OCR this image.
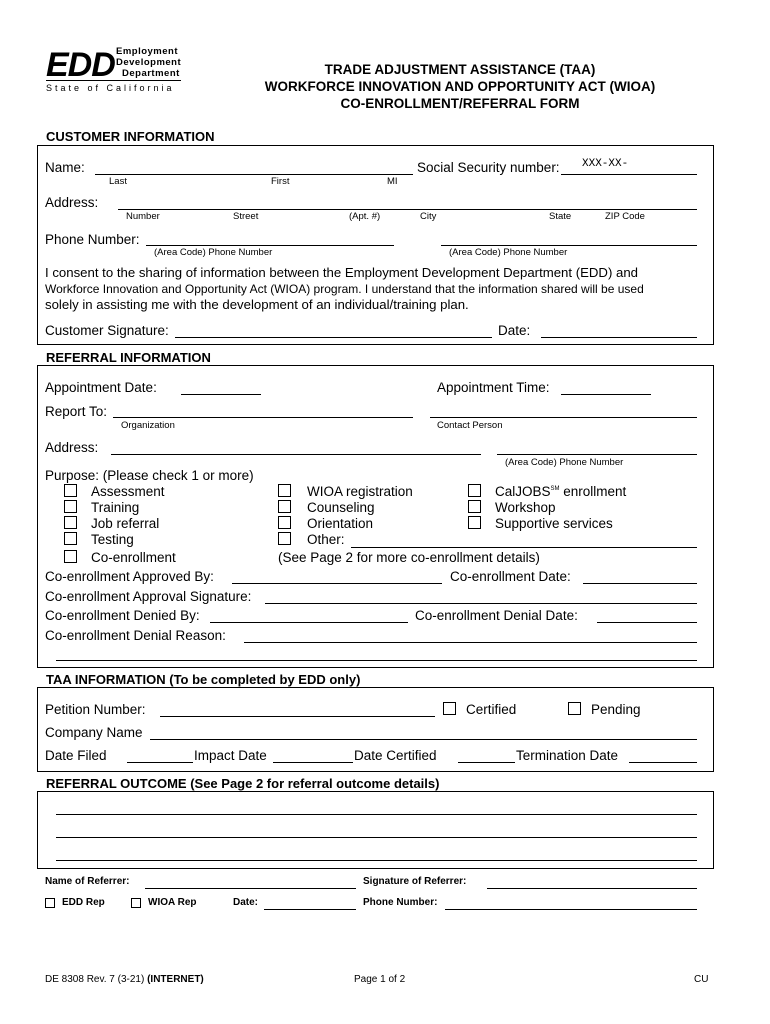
EDD Employment
Development
Department
State of California
TRADE ADJUSTMENT ASSISTANCE (TAA)
WORKFORCE INNOVATION AND OPPORTUNITY ACT (WIOA)
CO-ENROLLMENT/REFERRAL FORM
CUSTOMER INFORMATION
Name:
Last	First	MI
Social Security number: XXX-XX-
Address:
Number	Street	(Apt. #)	City	State	ZIP Code
Phone Number:
(Area Code) Phone Number	(Area Code) Phone Number
I consent to the sharing of information between the Employment Development Department (EDD) and
Workforce Innovation and Opportunity Act (WIOA) program. I understand that the information shared will be used
solely in assisting me with the development of an individual/training plan.
Customer Signature:	Date:
REFERRAL INFORMATION
Appointment Date:	Appointment Time:
Report To:
Organization	Contact Person
Address:
(Area Code) Phone Number
Purpose: (Please check 1 or more)
Assessment
Training
Job referral
Testing
Co-enrollment
WIOA registration
Counseling
Orientation
Other:
(See Page 2 for more co-enrollment details)
CalJOBS℠ enrollment
Workshop
Supportive services
Co-enrollment Approved By:	Co-enrollment Date:
Co-enrollment Approval Signature:
Co-enrollment Denied By:	Co-enrollment Denial Date:
Co-enrollment Denial Reason:
TAA INFORMATION (To be completed by EDD only)
Petition Number:	Certified	Pending
Company Name
Date Filed	Impact Date	Date Certified	Termination Date
REFERRAL OUTCOME (See Page 2 for referral outcome details)
Name of Referrer:	Signature of Referrer:
EDD Rep	WIOA Rep	Date:	Phone Number:
DE 8308 Rev. 7 (3-21) (INTERNET)	Page 1 of 2	CU
